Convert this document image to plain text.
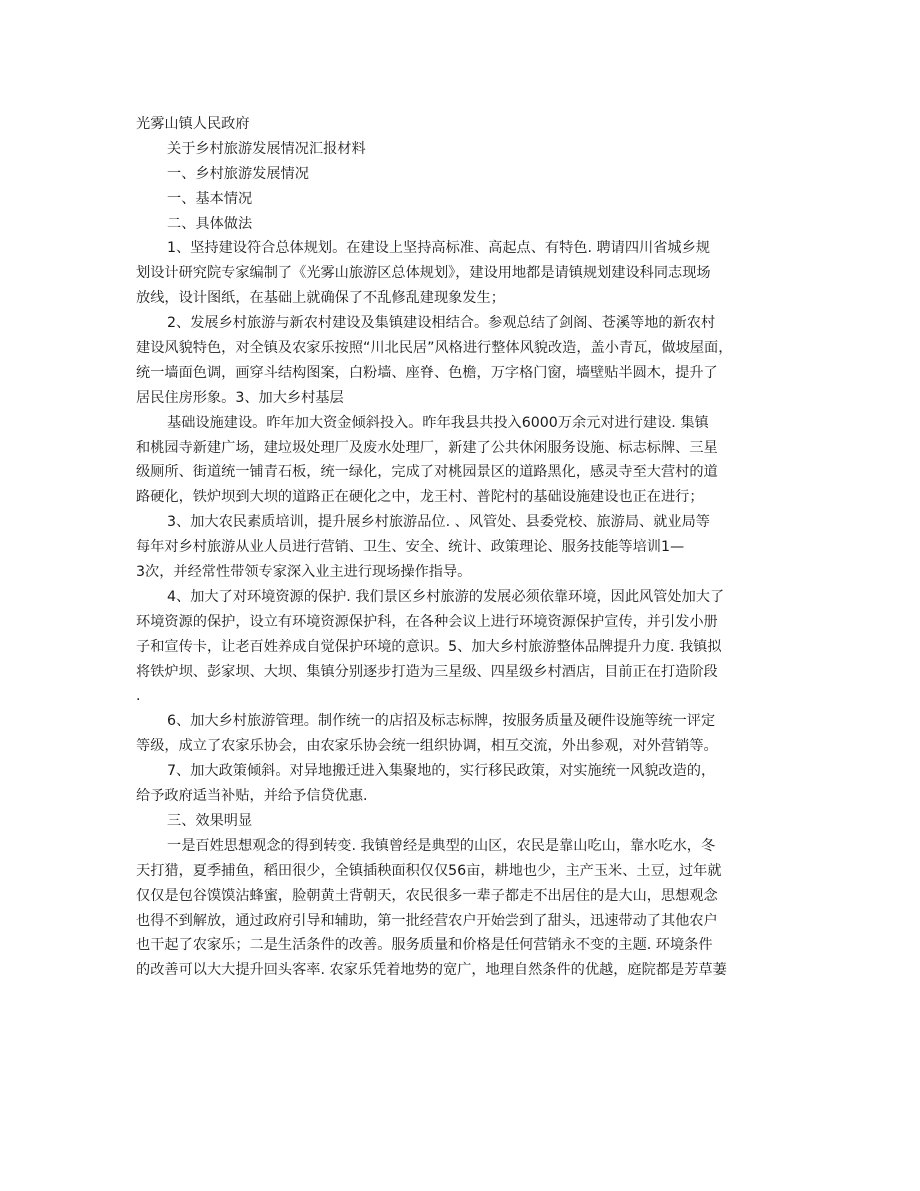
光雾山镇人民政府
关于乡村旅游发展情况汇报材料
一、乡村旅游发展情况
一、基本情况
二、具体做法
1、坚持建设符合总体规划。在建设上坚持高标准、高起点、有特色. 聘请四川省城乡规
划设计研究院专家编制了《光雾山旅游区总体规划》，建设用地都是请镇规划建设科同志现场
放线，设计图纸，在基础上就确保了不乱修乱建现象发生；
2、发展乡村旅游与新农村建设及集镇建设相结合。参观总结了剑阁、苍溪等地的新农村
建设风貌特色，对全镇及农家乐按照“川北民居”风格进行整体风貌改造，盖小青瓦，做坡屋面，
统一墙面色调，画穿斗结构图案，白粉墙、座脊、色檐，万字格门窗，墙壁贴半圆木，提升了
居民住房形象。3、加大乡村基层
基础设施建设。昨年加大资金倾斜投入。昨年我县共投入6000万余元对进行建设. 集镇
和桃园寺新建广场，建垃圾处理厂及废水处理厂，新建了公共休闲服务设施、标志标牌、三星
级厕所、街道统一铺青石板，统一绿化，完成了对桃园景区的道路黑化，感灵寺至大营村的道
路硬化，铁炉坝到大坝的道路正在硬化之中，龙王村、普陀村的基础设施建设也正在进行；
3、加大农民素质培训，提升展乡村旅游品位. 、风管处、县委党校、旅游局、就业局等
每年对乡村旅游从业人员进行营销、卫生、安全、统计、政策理论、服务技能等培训1—
3次，并经常性带领专家深入业主进行现场操作指导。
4、加大了对环境资源的保护. 我们景区乡村旅游的发展必须依靠环境，因此风管处加大了
环境资源的保护，设立有环境资源保护科，在各种会议上进行环境资源保护宣传，并引发小册
子和宣传卡，让老百姓养成自觉保护环境的意识。5、加大乡村旅游整体品牌提升力度. 我镇拟
将铁炉坝、彭家坝、大坝、集镇分别逐步打造为三星级、四星级乡村酒店，目前正在打造阶段
.
6、加大乡村旅游管理。制作统一的店招及标志标牌，按服务质量及硬件设施等统一评定
等级，成立了农家乐协会，由农家乐协会统一组织协调，相互交流，外出参观，对外营销等。
7、加大政策倾斜。对异地搬迁进入集聚地的，实行移民政策，对实施统一风貌改造的，
给予政府适当补贴，并给予信贷优惠.
三、效果明显
一是百姓思想观念的得到转变. 我镇曾经是典型的山区，农民是靠山吃山，靠水吃水，冬
天打猎，夏季捕鱼，稻田很少，全镇插秧面积仅仅56亩，耕地也少，主产玉米、土豆，过年就
仅仅是包谷馍馍沾蜂蜜，脸朝黄土背朝天，农民很多一辈子都走不出居住的是大山，思想观念
也得不到解放，通过政府引导和辅助，第一批经营农户开始尝到了甜头，迅速带动了其他农户
也干起了农家乐；二是生活条件的改善。服务质量和价格是任何营销永不变的主题. 环境条件
的改善可以大大提升回头客率. 农家乐凭着地势的宽广，地理自然条件的优越，庭院都是芳草萋
